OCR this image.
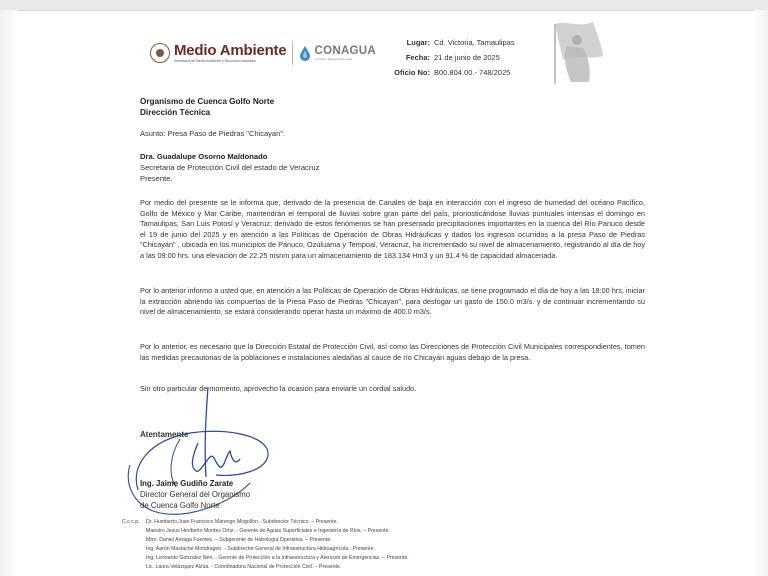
Medio Ambiente
Secretaría de Medio Ambiente y Recursos Naturales
CONAGUA
Comisión Nacional del Agua
Lugar: Cd. Victoria, Tamaulipas
Fecha: 21 de junio de 2025
Oficio No: B00.804.00.- 748/2025
Organismo de Cuenca Golfo Norte
Dirección Técnica
Asunto: Presa Paso de Piedras "Chicayan".
Dra. Guadalupe Osorno Maldonado
Secretaria de Protección Civil del estado de Veracruz
Presente.
Por medio del presente se le informa que, derivado de la presencia de Canales de baja en interacción con el ingreso de humedad del océano Pacífico, Golfo de México y Mar Caribe, mantendrán el temporal de lluvias sobre gran parte del país, pronosticándose lluvias puntuales intensas el domingo en Tamaulipas, San Luis Potosí y Veracruz; derivado de estos fenómenos se han presentado precipitaciones importantes en la cuenca del Río Panuco desde el 19 de junio del 2025 y en atención a las Políticas de Operación de Obras Hidráulicas y dados los ingresos ocurridos a la presa Paso de Piedras "Chicayán" , ubicada en los municipios de Pánuco, Ozuluama y Tempoal, Veracruz, ha incrementado su nivel de almacenamiento, registrando al día de hoy a las 09:00 hrs. una elevación de 22.25 msnm para un almacenamiento de 183.134 Hm3 y un 91.4 % de capacidad almacenada.
Por lo anterior informo a usted que, en atención a las Políticas de Operación de Obras Hidráulicas, se tiene programado el día de hoy a las 18:00 hrs, iniciar la extracción abriendo las compuertas de la Presa Paso de Piedras "Chicayan", para desfogar un gasto de 150.0 m3/s. y de continuar incrementando su nivel de almacenamiento, se estará considerando operar hasta un máximo de 400.0 m3/s.
Por lo anterior, es necesario que la Dirección Estatal de Protección Civil, así como las Direcciones de Protección Civil Municipales correspondientes, tomen las medidas precautorias de la poblaciones e instalaciones aledañas al cauce de río Chicayán aguas debajo de la presa.
Sin otro particular de momento, aprovecho la ocasión para enviarle un cordial saludo.
Atentamente
Ing. Jaime Gudiño Zarate
Director General del Organismo
de Cuenca Golfo Norte
C.c.c.p.	Dr. Humberto Juan Francisco Marengo Mogollón. -Subdirector Técnico. – Presente.
Maestro Jesus Heriberto Montes Ortiz. - Gerente de Aguas Superficiales e Ingeniería de Ríos. – Presente.
Mtro. Daniel Arriaga Fuentes. – Subgerente de Hidrología Operativa. – Presente.
Ing. Aarón Mastache Mondragon. - Subdirector General de Infraestructura Hidroagrícola.- Presente.
Ing. Leonardo Gonzalez Neri. - Gerente de Protección a la Infraestructura y Atención de Emergencias. – Presente.
Lic. Laura Velázquez Alzúa. - Coordinadora Nacional de Protección Civil. – Presente.
